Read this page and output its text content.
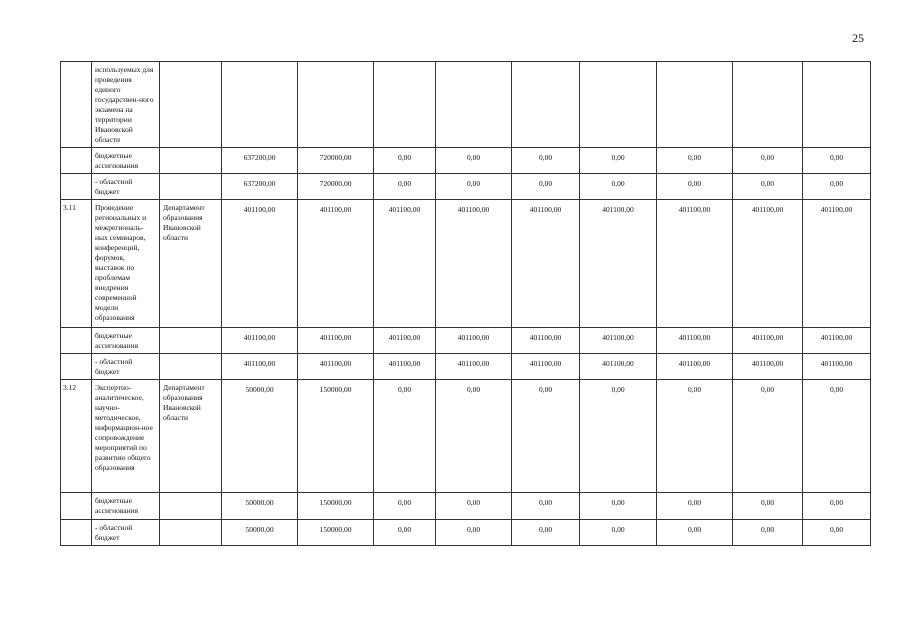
25
	используемых для проведения единого государствен-ного экзамена на территории Ивановской области										
	бюджетные ассигнования		637200,00	720000,00	0,00	0,00	0,00	0,00	0,00	0,00	0,00
	- областной бюджет		637200,00	720000,00	0,00	0,00	0,00	0,00	0,00	0,00	0,00
3.11	Проведение региональных и межрегиональ-ных семинаров, конференций, форумов, выставок по проблемам внедрения современной модели образования	Департамент образования Ивановской области	401100,00	401100,00	401100,00	401100,00	401100,00	401100,00	401100,00	401100,00	401100,00
	бюджетные ассигнования		401100,00	401100,00	401100,00	401100,00	401100,00	401100,00	401100,00	401100,00	401100,00
	- областной бюджет		401100,00	401100,00	401100,00	401100,00	401100,00	401100,00	401100,00	401100,00	401100,00
3.12	Экспертно-аналитическое, научно-методическое, информацион-ное сопровождение мероприятий по развитию общего образования	Департамент образования Ивановской области	50000,00	150000,00	0,00	0,00	0,00	0,00	0,00	0,00	0,00
	бюджетные ассигнования		50000,00	150000,00	0,00	0,00	0,00	0,00	0,00	0,00	0,00
	- областной бюджет		50000,00	150000,00	0,00	0,00	0,00	0,00	0,00	0,00	0,00
